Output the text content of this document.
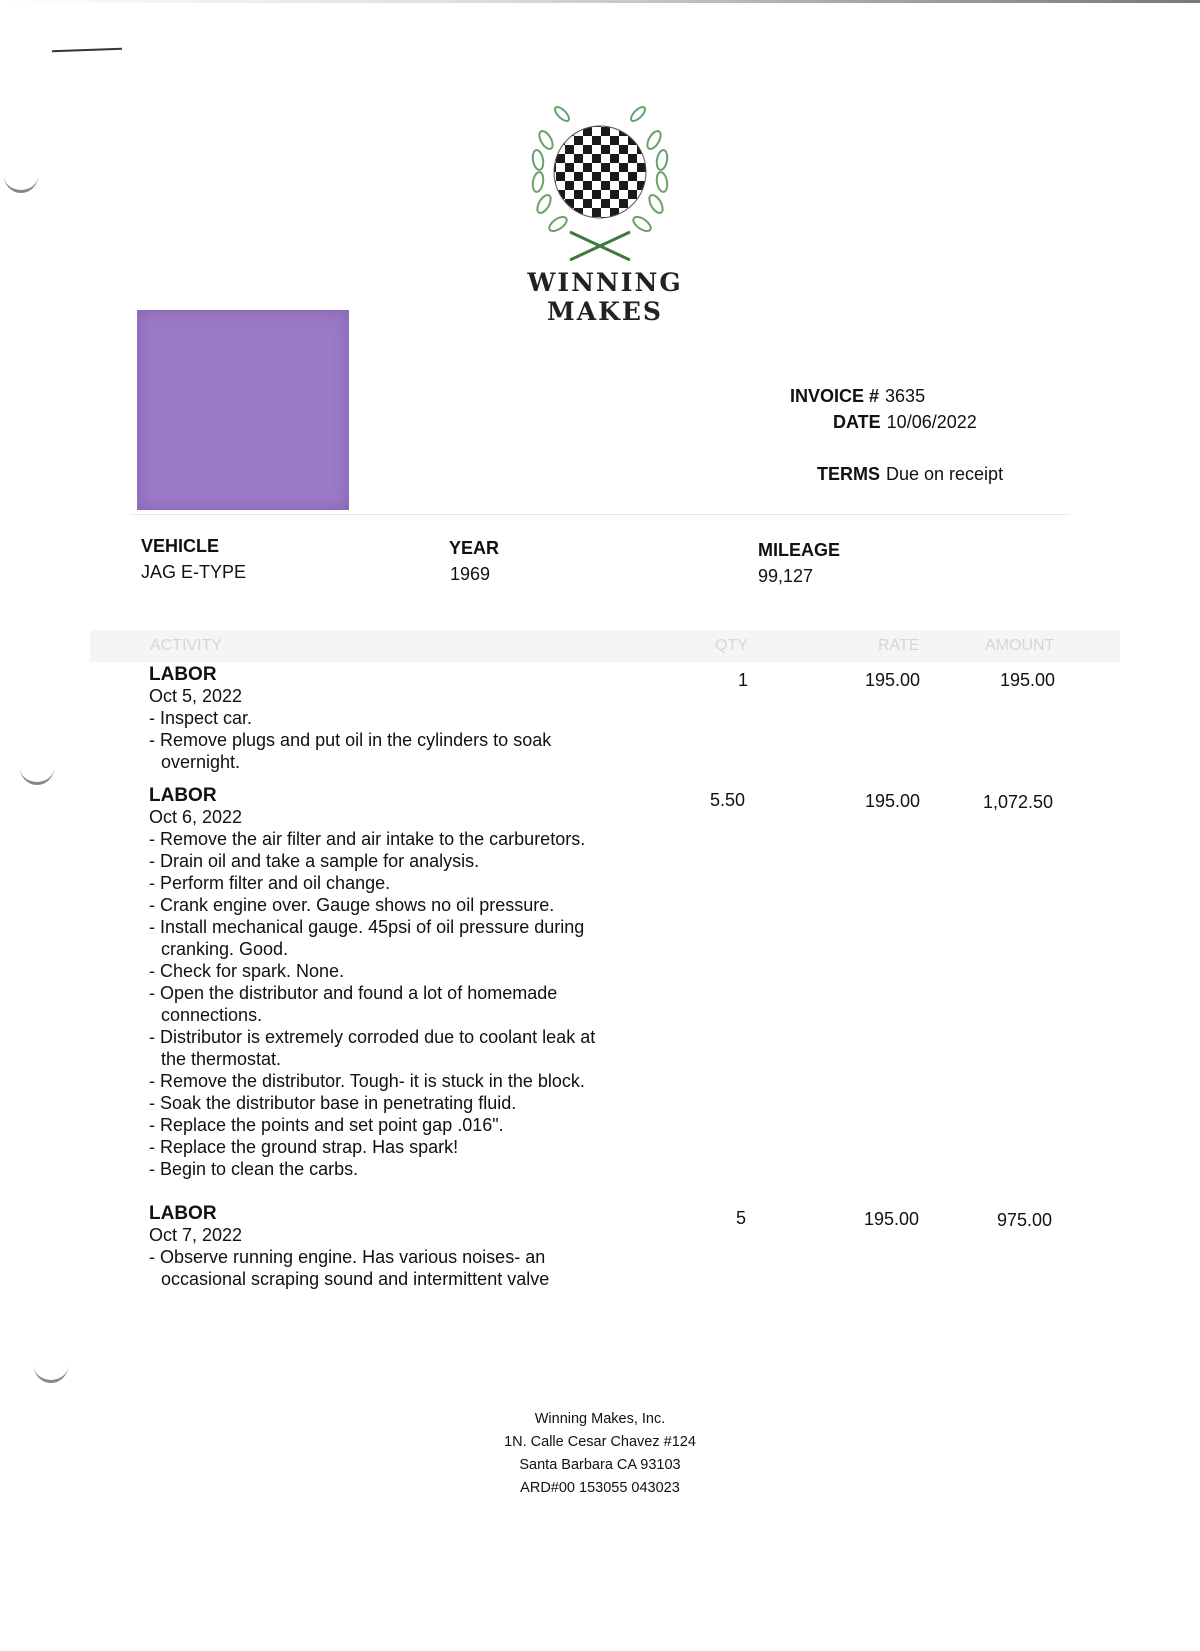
WINNING MAKES
INVOICE # 3635
DATE 10/06/2022
TERMS Due on receipt
VEHICLE
JAG E-TYPE
YEAR
1969
MILEAGE
99,127
ACTIVITY	QTY	RATE	AMOUNT
LABOR
Oct 5, 2022
- Inspect car.
- Remove plugs and put oil in the cylinders to soak overnight.
1	195.00	195.00
LABOR
Oct 6, 2022
- Remove the air filter and air intake to the carburetors.
- Drain oil and take a sample for analysis.
- Perform filter and oil change.
- Crank engine over. Gauge shows no oil pressure.
- Install mechanical gauge. 45psi of oil pressure during cranking. Good.
- Check for spark. None.
- Open the distributor and found a lot of homemade connections.
- Distributor is extremely corroded due to coolant leak at the thermostat.
- Remove the distributor. Tough- it is stuck in the block.
- Soak the distributor base in penetrating fluid.
- Replace the points and set point gap .016".
- Replace the ground strap. Has spark!
- Begin to clean the carbs.
5.50	195.00	1,072.50
LABOR
Oct 7, 2022
- Observe running engine. Has various noises- an occasional scraping sound and intermittent valve
5	195.00	975.00
Winning Makes, Inc.
1N. Calle Cesar Chavez #124
Santa Barbara CA 93103
ARD#00 153055 043023
